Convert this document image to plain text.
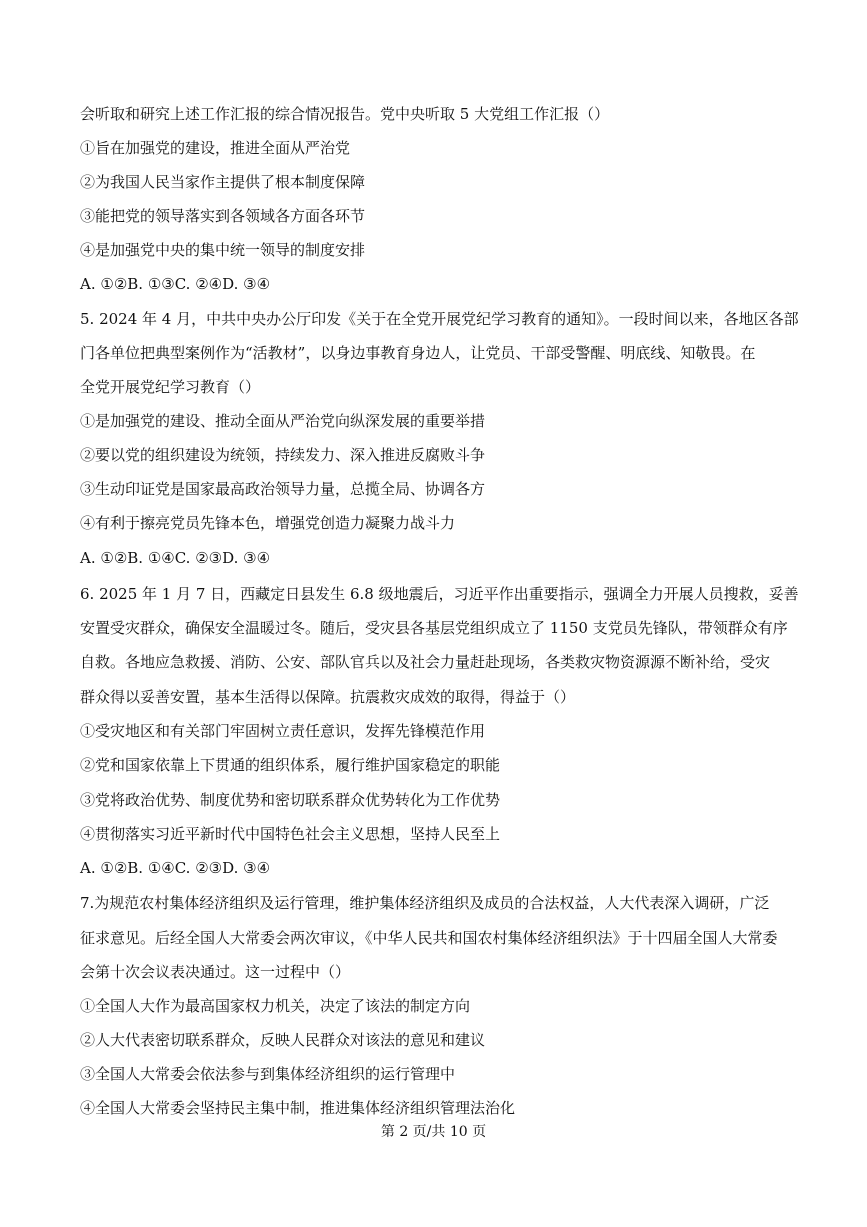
会听取和研究上述工作汇报的综合情况报告。党中央听取 5 大党组工作汇报（）
①旨在加强党的建设，推进全面从严治党
②为我国人民当家作主提供了根本制度保障
③能把党的领导落实到各领域各方面各环节
④是加强党中央的集中统一领导的制度安排
A. ①②B. ①③C. ②④D. ③④
5. 2024 年 4 月，中共中央办公厅印发《关于在全党开展党纪学习教育的通知》。一段时间以来，各地区各部
门各单位把典型案例作为“活教材”，以身边事教育身边人，让党员、干部受警醒、明底线、知敬畏。在
全党开展党纪学习教育（）
①是加强党的建设、推动全面从严治党向纵深发展的重要举措
②要以党的组织建设为统领，持续发力、深入推进反腐败斗争
③生动印证党是国家最高政治领导力量，总揽全局、协调各方
④有利于擦亮党员先锋本色，增强党创造力凝聚力战斗力
A. ①②B. ①④C. ②③D. ③④
6. 2025 年 1 月 7 日，西藏定日县发生 6.8 级地震后，习近平作出重要指示，强调全力开展人员搜救，妥善
安置受灾群众，确保安全温暖过冬。随后，受灾县各基层党组织成立了 1150 支党员先锋队，带领群众有序
自救。各地应急救援、消防、公安、部队官兵以及社会力量赶赴现场，各类救灾物资源源不断补给，受灾
群众得以妥善安置，基本生活得以保障。抗震救灾成效的取得，得益于（）
①受灾地区和有关部门牢固树立责任意识，发挥先锋模范作用
②党和国家依靠上下贯通的组织体系，履行维护国家稳定的职能
③党将政治优势、制度优势和密切联系群众优势转化为工作优势
④贯彻落实习近平新时代中国特色社会主义思想，坚持人民至上
A. ①②B. ①④C. ②③D. ③④
7.为规范农村集体经济组织及运行管理，维护集体经济组织及成员的合法权益，人大代表深入调研，广泛
征求意见。后经全国人大常委会两次审议，《中华人民共和国农村集体经济组织法》于十四届全国人大常委
会第十次会议表决通过。这一过程中（）
①全国人大作为最高国家权力机关，决定了该法的制定方向
②人大代表密切联系群众，反映人民群众对该法的意见和建议
③全国人大常委会依法参与到集体经济组织的运行管理中
④全国人大常委会坚持民主集中制，推进集体经济组织管理法治化
第 2 页/共 10 页
